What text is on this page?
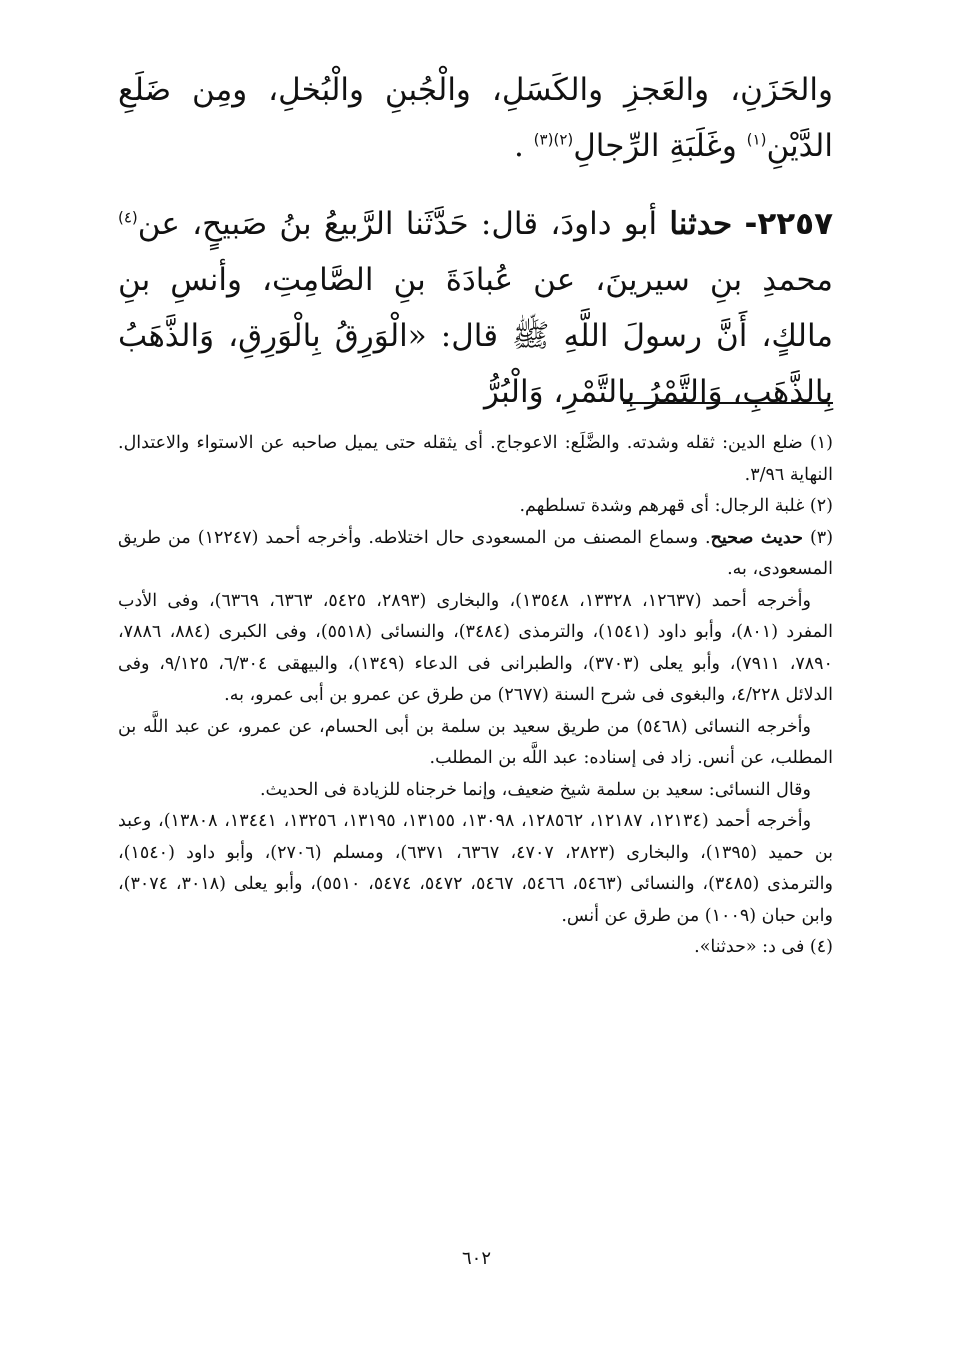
والحَزَنِ، والعَجزِ والكَسَلِ، والْجُبنِ والْبُخلِ، ومِن ضَلَعِ الدَّيْنِ$^{(١)}$ وغَلَبَةِ الرِّجالِ$^{(٢)(٣)}$ .

٢٢٥٧- حدثنا أبو داودَ، قال: حَدَّثَنا الرَّبيعُ بنُ صَبيحٍ، عن$^{(٤)}$ محمدِ بنِ سيرينَ، عن عُبادَةَ بنِ الصَّامِتِ، وأنسِ بنِ مالكٍ، أَنَّ رسولَ اللَّهِ ﷺ قال: «الْوَرِقُ بِالْوَرِقِ، وَالذَّهَبُ بِالذَّهَبِ، وَالتَّمْرُ بِالتَّمْرِ، وَالْبُرُّ

(١) ضلع الدين: ثقله وشدته. والضَّلَع: الاعوجاج. أى يثقله حتى يميل صاحبه عن الاستواء والاعتدال. النهاية ٣/٩٦.

(٢) غلبة الرجال: أى قهرهم وشدة تسلطهم.

(٣) حديث صحيح. وسماع المصنف من المسعودى حال اختلاطه. وأخرجه أحمد (١٢٢٤٧) من طريق المسعودى، به.

وأخرجه أحمد (١٢٦٣٧، ١٣٣٢٨، ١٣٥٤٨)، والبخارى (٢٨٩٣، ٥٤٢٥، ٦٣٦٣، ٦٣٦٩)، وفى الأدب المفرد (٨٠١)، وأبو داود (١٥٤١)، والترمذى (٣٤٨٤)، والنسائى (٥٥١٨)، وفى الكبرى (٨٨٤، ٧٨٨٦، ٧٨٩٠، ٧٩١١)، وأبو يعلى (٣٧٠٣)، والطبرانى فى الدعاء (١٣٤٩)، والبيهقى ٦/٣٠٤، ٩/١٢٥، وفى الدلائل ٤/٢٢٨، والبغوى فى شرح السنة (٢٦٧٧) من طرق عن عمرو بن أبى عمرو، به.

وأخرجه النسائى (٥٤٦٨) من طريق سعيد بن سلمة بن أبى الحسام، عن عمرو، عن عبد اللَّه بن المطلب، عن أنس. زاد فى إسناده: عبد اللَّه بن المطلب.

وقال النسائى: سعيد بن سلمة شيخ ضعيف، وإنما خرجناه للزيادة فى الحديث.

وأخرجه أحمد (١٢١٣٤، ١٢١٨٧، ١٢٨٥٦٢، ١٣٠٩٨، ١٣١٥٥، ١٣١٩٥، ١٣٢٥٦، ١٣٤٤١، ١٣٨٠٨)، وعبد بن حميد (١٣٩٥)، والبخارى (٢٨٢٣، ٤٧٠٧، ٦٣٦٧، ٦٣٧١)، ومسلم (٢٧٠٦)، وأبو داود (١٥٤٠)، والترمذى (٣٤٨٥)، والنسائى (٥٤٦٣، ٥٤٦٦، ٥٤٦٧، ٥٤٧٢، ٥٤٧٤، ٥٥١٠)، وأبو يعلى (٣٠١٨، ٣٠٧٤)، وابن حبان (١٠٠٩) من طرق عن أنس.

(٤) فى د: «حدثنا».

٦٠٢
